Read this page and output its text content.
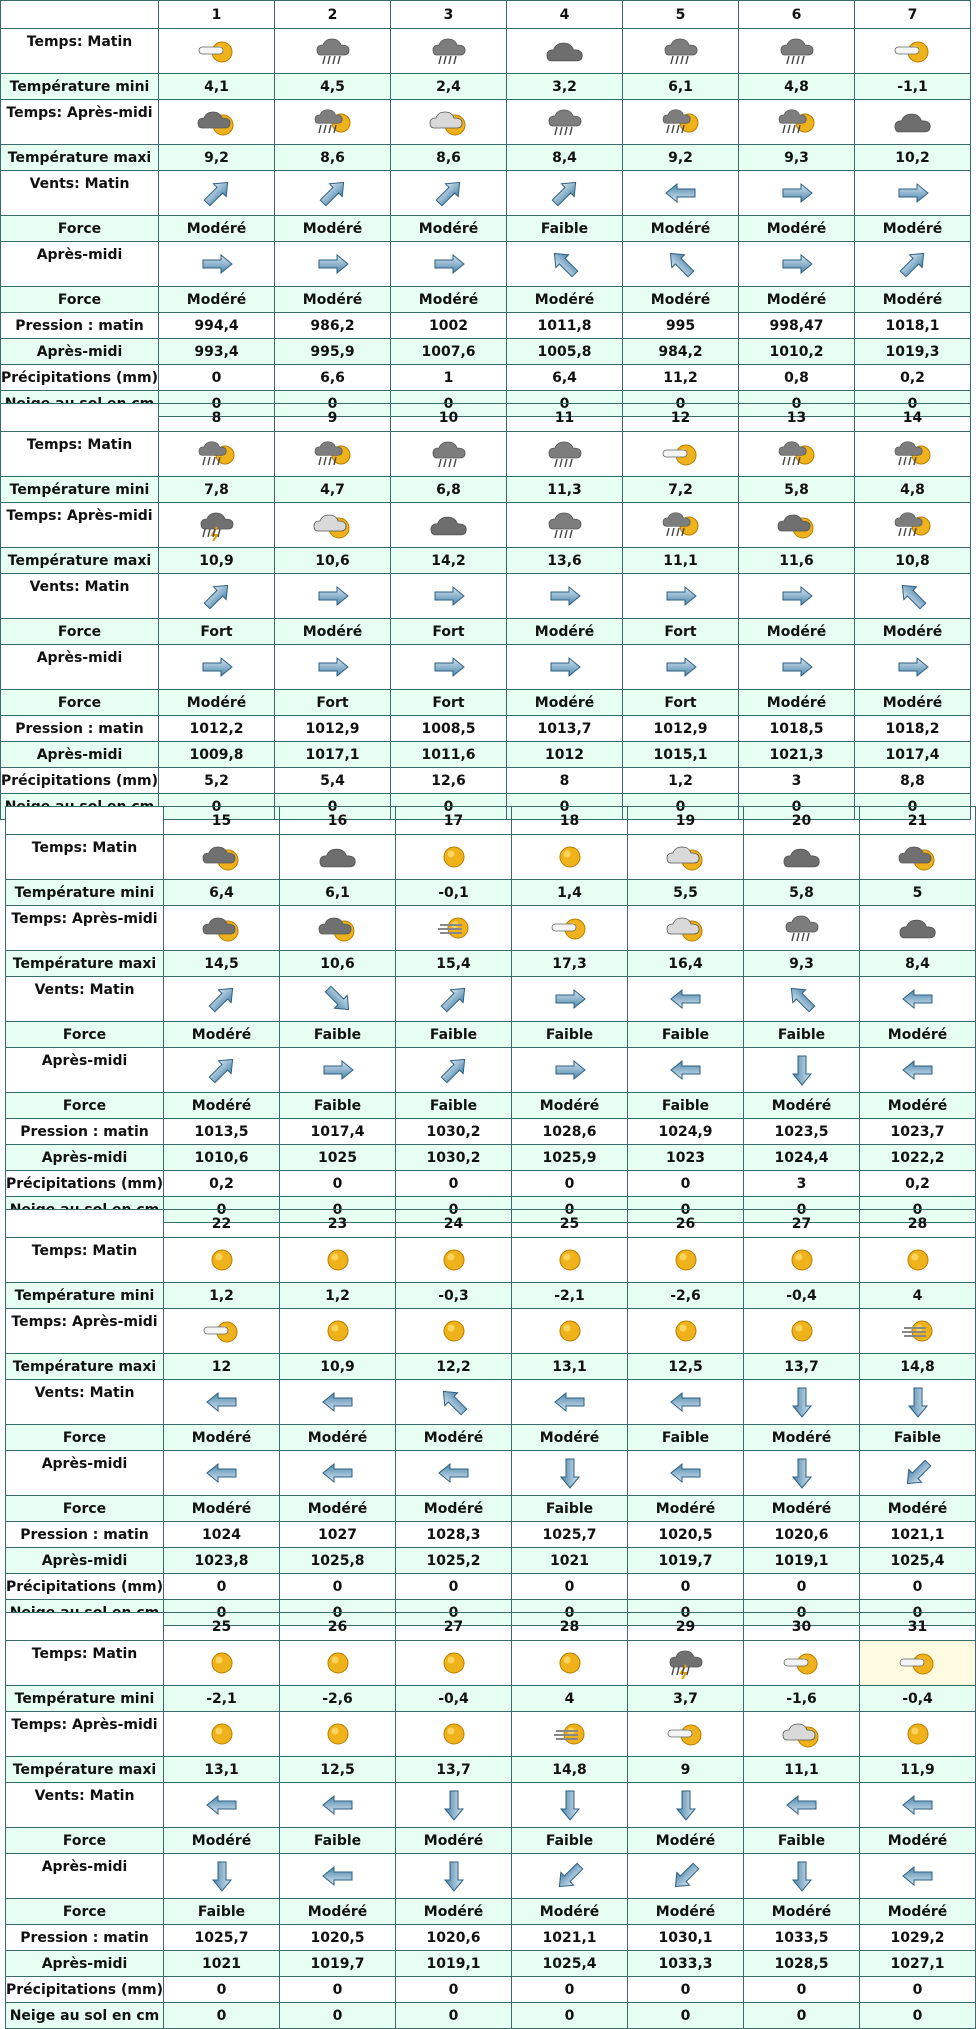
	1	2	3	4	5	6	7
Temps: Matin							
Température mini	4,1	4,5	2,4	3,2	6,1	4,8	-1,1
Temps: Après-midi							
Température maxi	9,2	8,6	8,6	8,4	9,2	9,3	10,2
Vents: Matin							
Force	Modéré	Modéré	Modéré	Faible	Modéré	Modéré	Modéré
Après-midi							
Force	Modéré	Modéré	Modéré	Modéré	Modéré	Modéré	Modéré
Pression : matin	994,4	986,2	1002	1011,8	995	998,47	1018,1
Après-midi	993,4	995,9	1007,6	1005,8	984,2	1010,2	1019,3
Précipitations (mm)	0	6,6	1	6,4	11,2	0,8	0,2
	0	0	0	0	0	0	0
	8	9	10	11	12	13	14
Temps: Matin							
Température mini	7,8	4,7	6,8	11,3	7,2	5,8	4,8
Temps: Après-midi							
Température maxi	10,9	10,6	14,2	13,6	11,1	11,6	10,8
Vents: Matin							
Force	Fort	Modéré	Fort	Modéré	Fort	Modéré	Modéré
Après-midi							
Force	Modéré	Fort	Fort	Modéré	Fort	Modéré	Modéré
Pression : matin	1012,2	1012,9	1008,5	1013,7	1012,9	1018,5	1018,2
Après-midi	1009,8	1017,1	1011,6	1012	1015,1	1021,3	1017,4
Précipitations (mm)	5,2	5,4	12,6	8	1,2	3	8,8
	0	0	0	0	0	0	0
	15	16	17	18	19	20	21
Temps: Matin							
Température mini	6,4	6,1	-0,1	1,4	5,5	5,8	5
Temps: Après-midi							
Température maxi	14,5	10,6	15,4	17,3	16,4	9,3	8,4
Vents: Matin							
Force	Modéré	Faible	Faible	Faible	Faible	Faible	Modéré
Après-midi							
Force	Modéré	Faible	Faible	Modéré	Faible	Modéré	Modéré
Pression : matin	1013,5	1017,4	1030,2	1028,6	1024,9	1023,5	1023,7
Après-midi	1010,6	1025	1030,2	1025,9	1023	1024,4	1022,2
Précipitations (mm)	0,2	0	0	0	0	3	0,2
	0	0	0	0	0	0	0
	22	23	24	25	26	27	28
Temps: Matin							
Température mini	1,2	1,2	-0,3	-2,1	-2,6	-0,4	4
Temps: Après-midi							
Température maxi	12	10,9	12,2	13,1	12,5	13,7	14,8
Vents: Matin							
Force	Modéré	Modéré	Modéré	Modéré	Faible	Modéré	Faible
Après-midi							
Force	Modéré	Modéré	Modéré	Faible	Modéré	Modéré	Modéré
Pression : matin	1024	1027	1028,3	1025,7	1020,5	1020,6	1021,1
Après-midi	1023,8	1025,8	1025,2	1021	1019,7	1019,1	1025,4
Précipitations (mm)	0	0	0	0	0	0	0
	0	0	0	0	0	0	0
	25	26	27	28	29	30	31
Temps: Matin							
Température mini	-2,1	-2,6	-0,4	4	3,7	-1,6	-0,4
Temps: Après-midi							
Température maxi	13,1	12,5	13,7	14,8	9	11,1	11,9
Vents: Matin							
Force	Modéré	Faible	Modéré	Faible	Modéré	Faible	Modéré
Après-midi							
Force	Faible	Modéré	Modéré	Modéré	Modéré	Modéré	Modéré
Pression : matin	1025,7	1020,5	1020,6	1021,1	1030,1	1033,5	1029,2
Après-midi	1021	1019,7	1019,1	1025,4	1033,3	1028,5	1027,1
Précipitations (mm)	0	0	0	0	0	0	0
Neige au sol en cm	0	0	0	0	0	0	0
